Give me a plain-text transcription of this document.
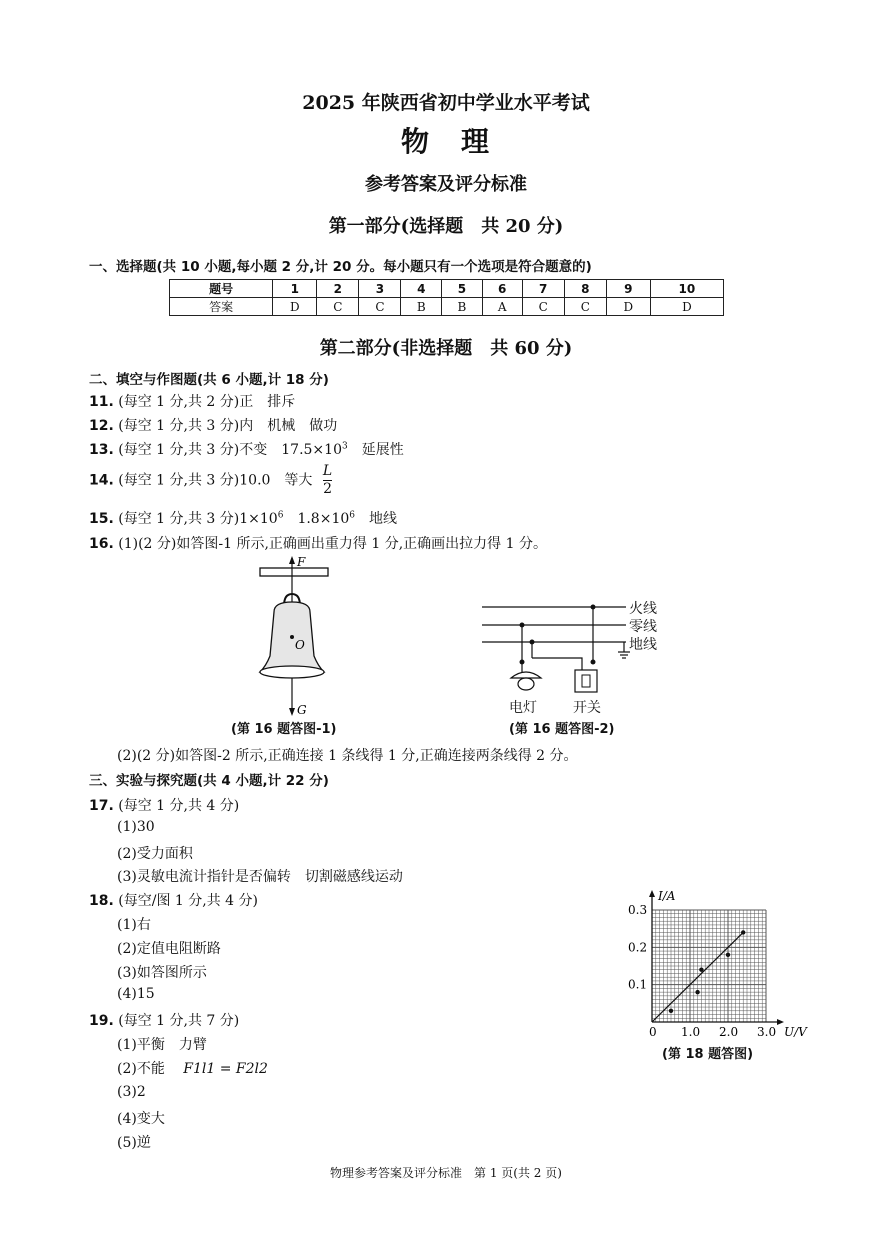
2025 年陕西省初中学业水平考试
物　理
参考答案及评分标准
第一部分(选择题　共 20 分)
一、选择题(共 10 小题,每小题 2 分,计 20 分。每小题只有一个选项是符合题意的)
题号	1	2	3	4	5	6	7	8	9	10
答案	D	C	C	B	B	A	C	C	D	D
第二部分(非选择题　共 60 分)
二、填空与作图题(共 6 小题,计 18 分)
11. (每空 1 分,共 2 分)正　排斥
12. (每空 1 分,共 3 分)内　机械　做功
13. (每空 1 分,共 3 分)不变　$17.5\times 10^3$　延展性
14. (每空 1 分,共 3 分)10.0　等大 $\frac{L}{2}$
15. (每空 1 分,共 3 分)$1\times 10^6$　$1.8\times 10^6$　地线
16. (1)(2 分)如答图-1 所示,正确画出重力得 1 分,正确画出拉力得 1 分。
F
O
G
(第 16 题答图-1)
火线
零线
地线
电灯	开关
(第 16 题答图-2)
(2)(2 分)如答图-2 所示,正确连接 1 条线得 1 分,正确连接两条线得 2 分。
三、实验与探究题(共 4 小题,计 22 分)
17. (每空 1 分,共 4 分)
(1)30
(2)受力面积
(3)灵敏电流计指针是否偏转　切割磁感线运动
18. (每空/图 1 分,共 4 分)
(1)右
(2)定值电阻断路
(3)如答图所示
(4)15
19. (每空 1 分,共 7 分)
(1)平衡　力臂
(2)不能 F1l1 = F2l2
(3)2
(4)变大
(5)逆
0 1.0 2.0 3.0
0.1
0.2
0.3
U/V
I/A
(第 18 题答图)
物理参考答案及评分标准　第 1 页(共 2 页)
